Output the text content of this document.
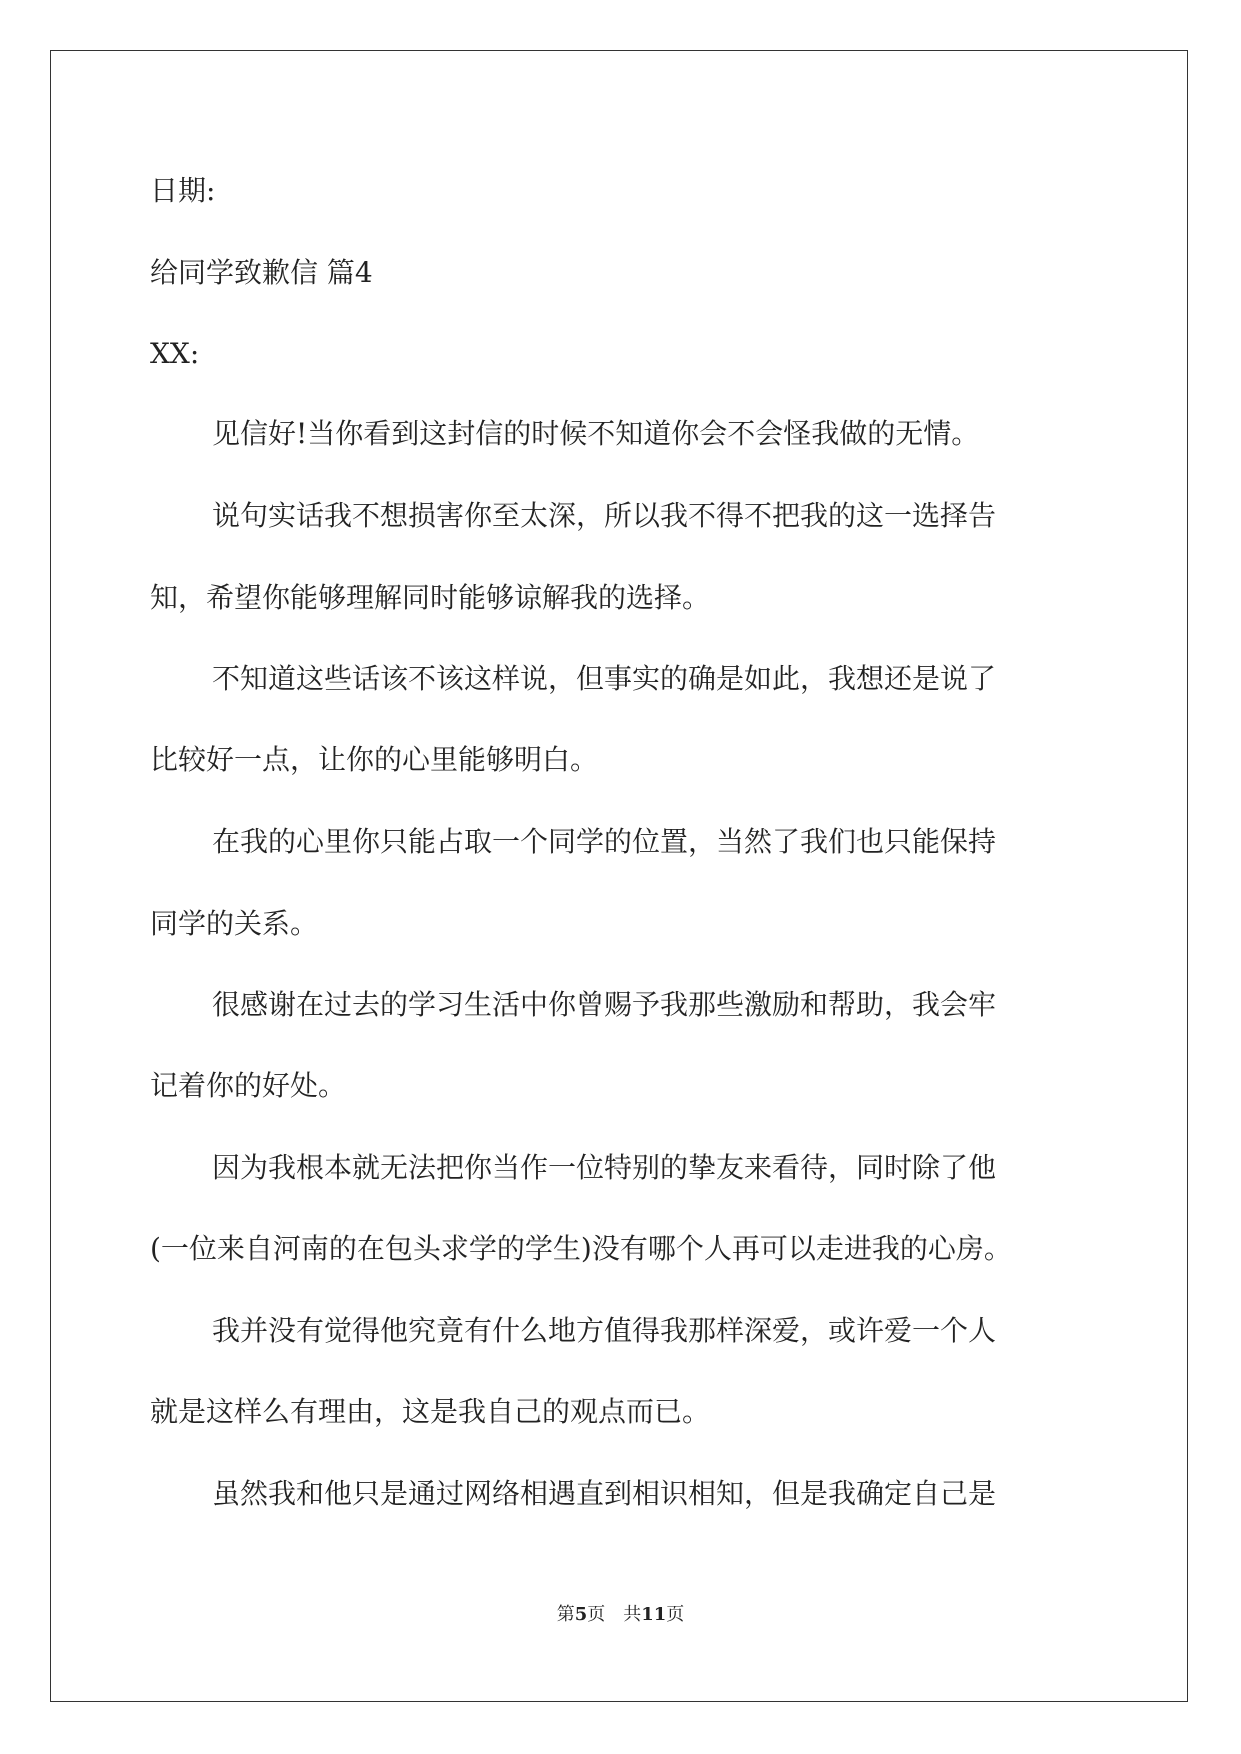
日期:

给同学致歉信 篇4

XX:

见信好!当你看到这封信的时候不知道你会不会怪我做的无情。

说句实话我不想损害你至太深，所以我不得不把我的这一选择告

知，希望你能够理解同时能够谅解我的选择。

不知道这些话该不该这样说，但事实的确是如此，我想还是说了

比较好一点，让你的心里能够明白。

在我的心里你只能占取一个同学的位置，当然了我们也只能保持

同学的关系。

很感谢在过去的学习生活中你曾赐予我那些激励和帮助，我会牢

记着你的好处。

因为我根本就无法把你当作一位特别的挚友来看待，同时除了他

(一位来自河南的在包头求学的学生)没有哪个人再可以走进我的心房。

我并没有觉得他究竟有什么地方值得我那样深爱，或许爱一个人

就是这样么有理由，这是我自己的观点而已。

虽然我和他只是通过网络相遇直到相识相知，但是我确定自己是

第5页　共11页
